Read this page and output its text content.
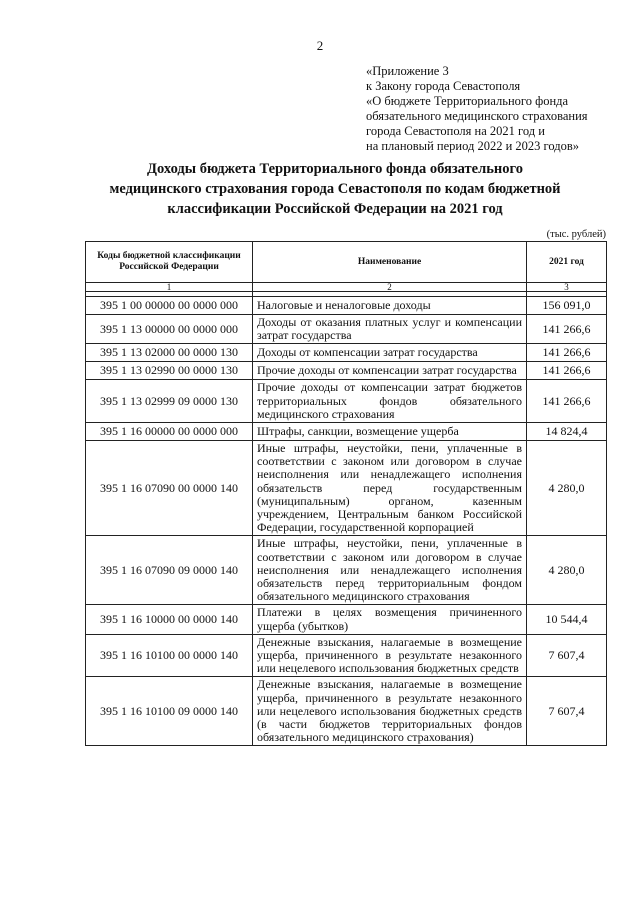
2
«Приложение 3
к Закону города Севастополя
«О бюджете Территориального фонда
обязательного медицинского страхования
города Севастополя на 2021 год и
на плановый период 2022 и 2023 годов»
Доходы бюджета Территориального фонда обязательного
медицинского страхования города Севастополя по кодам бюджетной
классификации Российской Федерации на 2021 год
(тыс. рублей)
Коды бюджетной классификации Российской Федерации	Наименование	2021 год
1	2	3

395 1 00 00000 00 0000 000	Налоговые и неналоговые доходы	156 091,0
395 1 13 00000 00 0000 000	Доходы от оказания платных услуг и компенсации затрат государства	141 266,6
395 1 13 02000 00 0000 130	Доходы от компенсации затрат государства	141 266,6
395 1 13 02990 00 0000 130	Прочие доходы от компенсации затрат государства	141 266,6
395 1 13 02999 09 0000 130	Прочие доходы от компенсации затрат бюджетов территориальных фондов обязательного медицинского страхования	141 266,6
395 1 16 00000 00 0000 000	Штрафы, санкции, возмещение ущерба	14 824,4
395 1 16 07090 00 0000 140	Иные штрафы, неустойки, пени, уплаченные в соответствии с законом или договором в случае неисполнения или ненадлежащего исполнения обязательств перед государственным (муниципальным) органом, казенным учреждением, Центральным банком Российской Федерации, государственной корпорацией	4 280,0
395 1 16 07090 09 0000 140	Иные штрафы, неустойки, пени, уплаченные в соответствии с законом или договором в случае неисполнения или ненадлежащего исполнения обязательств перед территориальным фондом обязательного медицинского страхования	4 280,0
395 1 16 10000 00 0000 140	Платежи в целях возмещения причиненного ущерба (убытков)	10 544,4
395 1 16 10100 00 0000 140	Денежные взыскания, налагаемые в возмещение ущерба, причиненного в результате незаконного или нецелевого использования бюджетных средств	7 607,4
395 1 16 10100 09 0000 140	Денежные взыскания, налагаемые в возмещение ущерба, причиненного в результате незаконного или нецелевого использования бюджетных средств (в части бюджетов территориальных фондов обязательного медицинского страхования)	7 607,4
